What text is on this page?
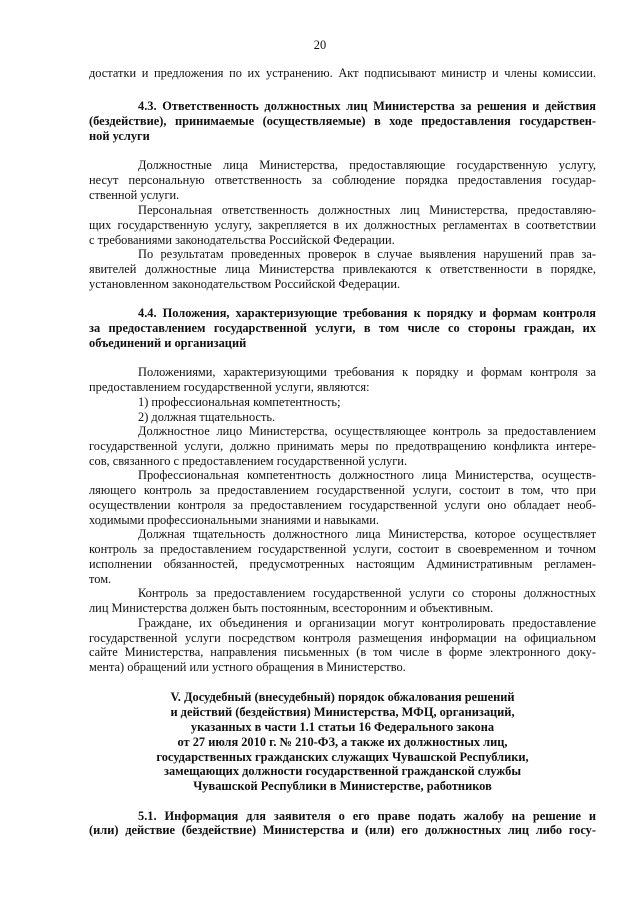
20
достатки и предложения по их устранению. Акт подписывают министр и члены комиссии.
4.3. Ответственность должностных лиц Министерства за решения и действия
(бездействие), принимаемые (осуществляемые) в ходе предоставления государствен-
ной услуги
Должностные лица Министерства, предоставляющие государственную услугу,
несут персональную ответственность за соблюдение порядка предоставления государ-
ственной услуги.
Персональная ответственность должностных лиц Министерства, предоставляю-
щих государственную услугу, закрепляется в их должностных регламентах в соответствии
с требованиями законодательства Российской Федерации.
По результатам проведенных проверок в случае выявления нарушений прав за-
явителей должностные лица Министерства привлекаются к ответственности в порядке,
установленном законодательством Российской Федерации.
4.4. Положения, характеризующие требования к порядку и формам контроля
за предоставлением государственной услуги, в том числе со стороны граждан, их
объединений и организаций
Положениями, характеризующими требования к порядку и формам контроля за
предоставлением государственной услуги, являются:
1) профессиональная компетентность;
2) должная тщательность.
Должностное лицо Министерства, осуществляющее контроль за предоставлением
государственной услуги, должно принимать меры по предотвращению конфликта интере-
сов, связанного с предоставлением государственной услуги.
Профессиональная компетентность должностного лица Министерства, осуществ-
ляющего контроль за предоставлением государственной услуги, состоит в том, что при
осуществлении контроля за предоставлением государственной услуги оно обладает необ-
ходимыми профессиональными знаниями и навыками.
Должная тщательность должностного лица Министерства, которое осуществляет
контроль за предоставлением государственной услуги, состоит в своевременном и точном
исполнении обязанностей, предусмотренных настоящим Административным регламен-
том.
Контроль за предоставлением государственной услуги со стороны должностных
лиц Министерства должен быть постоянным, всесторонним и объективным.
Граждане, их объединения и организации могут контролировать предоставление
государственной услуги посредством контроля размещения информации на официальном
сайте Министерства, направления письменных (в том числе в форме электронного доку-
мента) обращений или устного обращения в Министерство.
V. Досудебный (внесудебный) порядок обжалования решений
и действий (бездействия) Министерства, МФЦ, организаций,
указанных в части 1.1 статьи 16 Федерального закона
от 27 июля 2010 г. № 210-ФЗ, а также их должностных лиц,
государственных гражданских служащих Чувашской Республики,
замещающих должности государственной гражданской службы
Чувашской Республики в Министерстве, работников
5.1. Информация для заявителя о его праве подать жалобу на решение и
(или) действие (бездействие) Министерства и (или) его должностных лиц либо госу-
